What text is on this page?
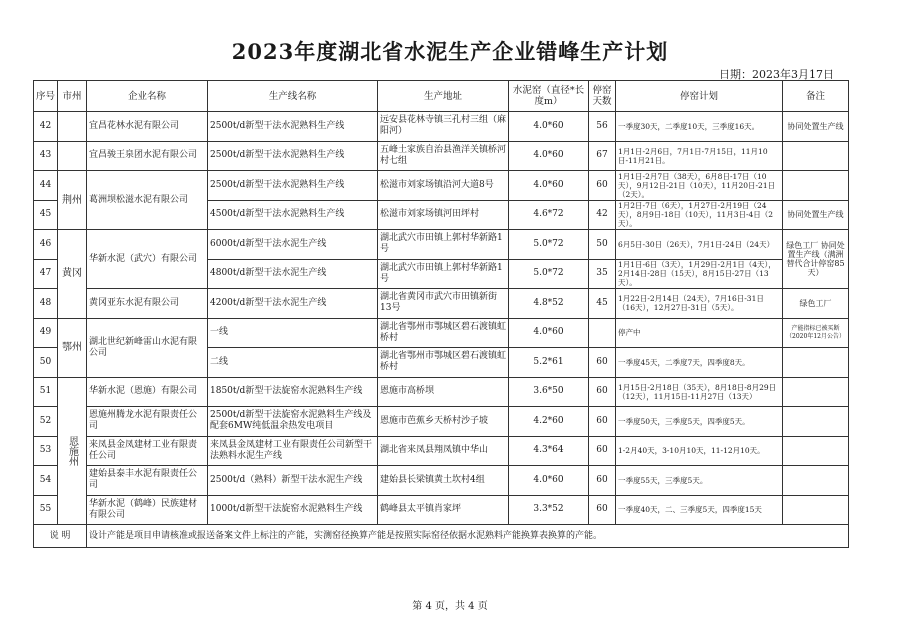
2023年度湖北省水泥生产企业错峰生产计划
日期：2023年3月17日
序号	市州	企业名称	生产线名称	生产地址	水泥窑（直径*长度m）	停窑天数	停窑计划	备注
42		宜昌花林水泥有限公司	2500t/d新型干法水泥熟料生产线	远安县花林寺镇三孔村三组（麻阳河）	4.0*60	56	一季度30天，二季度10天，三季度16天。	协同处置生产线
43		宜昌骏王泉团水泥有限公司	2500t/d新型干法水泥熟料生产线	五峰土家族自治县渔洋关镇桥河村七组	4.0*60	67	1月1日-2月6日，7月1日-7月15日，11月10日-11月21日。	
44	荆州	葛洲坝松滋水泥有限公司	2500t/d新型干法水泥熟料生产线	松滋市刘家场镇沿河大道8号	4.0*60	60	1月1日-2月7日（38天），6月8日-17日（10天），9月12日-21日（10天），11月20日-21日（2天）。	
45			4500t/d新型干法水泥熟料生产线	松滋市刘家场镇河田坪村	4.6*72	42	1月2日-7日（6天），1月27日-2月19日（24天），8月9日-18日（10天），11月3日-4日（2天）。	协同处置生产线
46	黄冈	华新水泥（武穴）有限公司	6000t/d新型干法水泥生产线	湖北武穴市田镇上郭村华新路1号	5.0*72	50	6月5日-30日（26天），7月1日-24日（24天）	绿色工厂 协同处置生产线（满洲替代合计停窑85天）
47			4800t/d新型干法水泥生产线	湖北武穴市田镇上郭村华新路1号	5.0*72	35	1月1日-6日（3天），1月29日-2月1日（4天），2月14日-28日（15天），8月15日-27日（13天）。	
48		黄冈亚东水泥有限公司	4200t/d新型干法水泥生产线	湖北省黄冈市武穴市田镇新街13号	4.8*52	45	1月22日-2月14日（24天），7月16日-31日（16天），12月27日-31日（5天）。	绿色工厂
49	鄂州	湖北世纪新峰雷山水泥有限公司	一线	湖北省鄂州市鄂城区碧石渡镇虹桥村	4.0*60		停产中	产能指标已被买断（2020年12月公告）
50			二线	湖北省鄂州市鄂城区碧石渡镇虹桥村	5.2*61	60	一季度45天，二季度7天，四季度8天。	
51	恩施州	华新水泥（恩施）有限公司	1850t/d新型干法旋窑水泥熟料生产线	恩施市高桥坝	3.6*50	60	1月15日-2月18日（35天），8月18日-8月29日（12天），11月15日-11月27日（13天）	
52		恩施州腾龙水泥有限责任公司	2500t/d新型干法旋窑水泥熟料生产线及配套6MW纯低温余热发电项目	恩施市芭蕉乡天桥村沙子坡	4.2*60	60	一季度50天，三季度5天，四季度5天。	
53		来凤县金凤建材工业有限责任公司	来凤县金凤建材工业有限责任公司新型干法熟料水泥生产线	湖北省来凤县翔凤镇中华山	4.3*64	60	1-2月40天，3-10月10天，11-12月10天。	
54		建始县泰丰水泥有限责任公司	2500t/d（熟料）新型干法水泥生产线	建始县长梁镇黄土坎村4组	4.0*60	60	一季度55天，三季度5天。	
55		华新水泥（鹤峰）民族建材有限公司	1000t/d新型干法旋窑水泥熟料生产线	鹤峰县太平镇肖家坪	3.3*52	60	一季度40天，二、三季度5天，四季度15天	
说 明		设计产能是项目申请核准或报送备案文件上标注的产能，实测窑径换算产能是按照实际窑径依据水泥熟料产能换算表换算的产能。						
第 4 页，共 4 页
